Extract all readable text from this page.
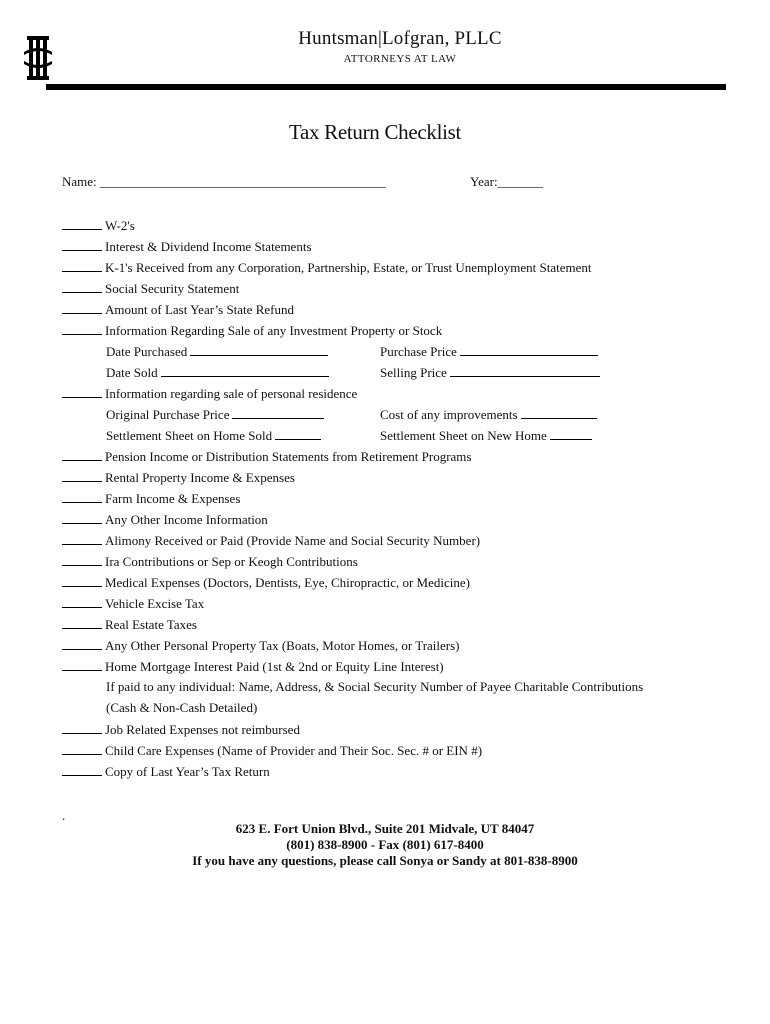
Huntsman|Lofgran, PLLC
ATTORNEYS AT LAW
Tax Return Checklist
Name: ____________________________________________	Year:_______
W-2's
Interest & Dividend Income Statements
K-1's Received from any Corporation, Partnership, Estate, or Trust Unemployment Statement
Social Security Statement
Amount of Last Year’s State Refund
Information Regarding Sale of any Investment Property or Stock
Date Purchased	Purchase Price
Date Sold	Selling Price
Information regarding sale of personal residence
Original Purchase Price	Cost of any improvements
Settlement Sheet on Home Sold	Settlement Sheet on New Home
Pension Income or Distribution Statements from Retirement Programs
Rental Property Income & Expenses
Farm Income & Expenses
Any Other Income Information
Alimony Received or Paid (Provide Name and Social Security Number)
Ira Contributions or Sep or Keogh Contributions
Medical Expenses (Doctors, Dentists, Eye, Chiropractic, or Medicine)
Vehicle Excise Tax
Real Estate Taxes
Any Other Personal Property Tax (Boats, Motor Homes, or Trailers)
Home Mortgage Interest Paid (1st & 2nd or Equity Line Interest)
If paid to any individual: Name, Address, & Social Security Number of Payee Charitable Contributions
(Cash & Non-Cash Detailed)
Job Related Expenses not reimbursed
Child Care Expenses (Name of Provider and Their Soc. Sec. # or EIN #)
Copy of Last Year’s Tax Return
.
623 E. Fort Union Blvd., Suite 201 Midvale, UT 84047
(801) 838-8900 - Fax (801) 617-8400
If you have any questions, please call Sonya or Sandy at 801-838-8900
